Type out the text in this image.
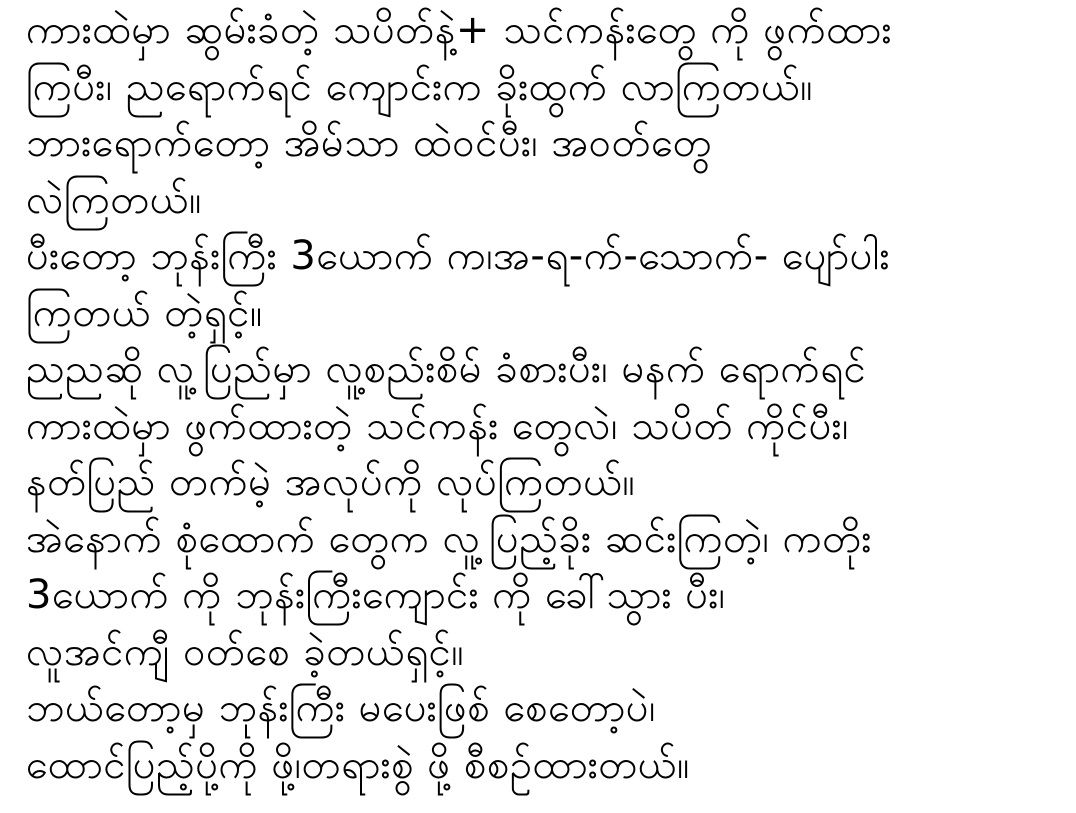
ကားထဲမှာ ဆွမ်းခံတဲ့ သပိတ်နဲ့+ သင်ကန်းတွေ ကို ဖွက်ထား

ကြပီး၊ ညရောက်ရင် ကျောင်းက ခိုးထွက် လာကြတယ်။

ဘားရောက်တော့ အိမ်သာ ထဲဝင်ပီး၊ အဝတ်တွေ

လဲကြတယ်။

ပီးတော့ ဘုန်းကြီး 3ယောက် က၊အ-ရ-က်-သောက်- ပျော်ပါး

ကြတယ် တဲ့ရှင့်။

ညညဆို လူ့ပြည်မှာ လူ့စည်းစိမ် ခံစားပီး၊ မနက် ရောက်ရင်

ကားထဲမှာ ဖွက်ထားတဲ့ သင်ကန်း တွေလဲ၊ သပိတ် ကိုင်ပီး၊

နတ်ပြည် တက်မဲ့ အလုပ်ကို လုပ်ကြတယ်။

အဲနောက် စုံထောက် တွေက လူ့ပြည့်ခိုး ဆင်းကြတဲ့၊ ကတိုး

3ယောက် ကို ဘုန်းကြီးကျောင်း ကို ခေါ်သွား ပီး၊

လူအင်ကျီ ဝတ်စေ ခဲ့တယ်ရှင့်။

ဘယ်တော့မှ ဘုန်းကြီး မပေးဖြစ် စေတော့ပဲ၊

ထောင်ပြည့်ပို့ကို ဖို့၊တရားစွဲ ဖို့ စီစဉ်ထားတယ်။
